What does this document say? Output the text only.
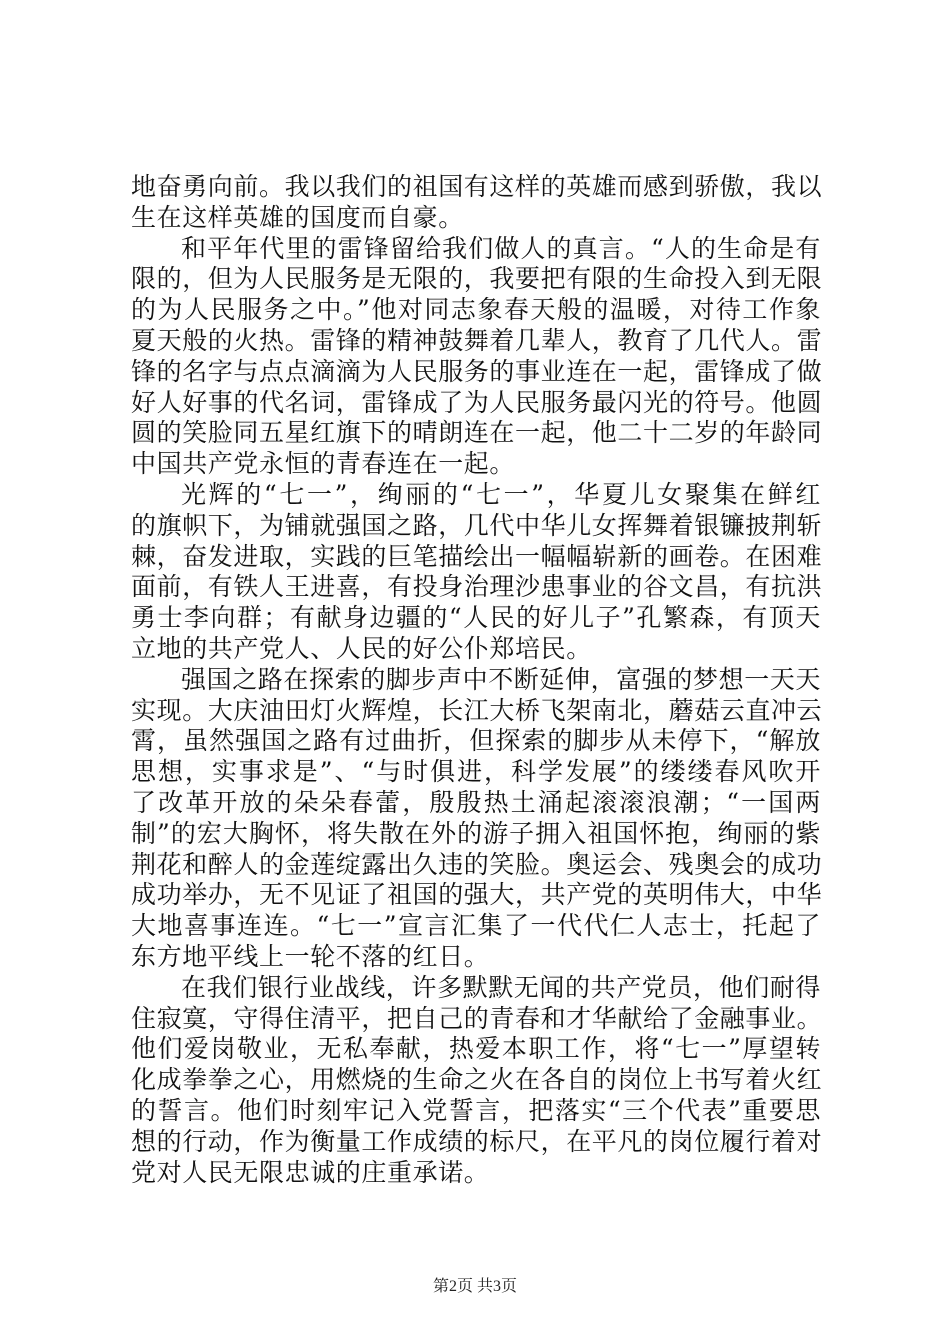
地奋勇向前。我以我们的祖国有这样的英雄而感到骄傲，我以
生在这样英雄的国度而自豪。
和平年代里的雷锋留给我们做人的真言。“人的生命是有
限的，但为人民服务是无限的，我要把有限的生命投入到无限
的为人民服务之中。”他对同志象春天般的温暖，对待工作象
夏天般的火热。雷锋的精神鼓舞着几辈人，教育了几代人。雷
锋的名字与点点滴滴为人民服务的事业连在一起，雷锋成了做
好人好事的代名词，雷锋成了为人民服务最闪光的符号。他圆
圆的笑脸同五星红旗下的晴朗连在一起，他二十二岁的年龄同
中国共产党永恒的青春连在一起。
光辉的“七一”，绚丽的“七一”，华夏儿女聚集在鲜红
的旗帜下，为铺就强国之路，几代中华儿女挥舞着银镰披荆斩
棘，奋发进取，实践的巨笔描绘出一幅幅崭新的画卷。在困难
面前，有铁人王进喜，有投身治理沙患事业的谷文昌，有抗洪
勇士李向群；有献身边疆的“人民的好儿子”孔繁森，有顶天
立地的共产党人、人民的好公仆郑培民。
强国之路在探索的脚步声中不断延伸，富强的梦想一天天
实现。大庆油田灯火辉煌，长江大桥飞架南北，蘑菇云直冲云
霄，虽然强国之路有过曲折，但探索的脚步从未停下，“解放
思想，实事求是”、“与时俱进，科学发展”的缕缕春风吹开
了改革开放的朵朵春蕾，殷殷热土涌起滚滚浪潮；“一国两
制”的宏大胸怀，将失散在外的游子拥入祖国怀抱，绚丽的紫
荆花和醉人的金莲绽露出久违的笑脸。奥运会、残奥会的成功
成功举办，无不见证了祖国的强大，共产党的英明伟大，中华
大地喜事连连。“七一”宣言汇集了一代代仁人志士，托起了
东方地平线上一轮不落的红日。
在我们银行业战线，许多默默无闻的共产党员，他们耐得
住寂寞，守得住清平，把自己的青春和才华献给了金融事业。
他们爱岗敬业，无私奉献，热爱本职工作，将“七一”厚望转
化成拳拳之心，用燃烧的生命之火在各自的岗位上书写着火红
的誓言。他们时刻牢记入党誓言，把落实“三个代表”重要思
想的行动，作为衡量工作成绩的标尺，在平凡的岗位履行着对
党对人民无限忠诚的庄重承诺。
第2页 共3页
